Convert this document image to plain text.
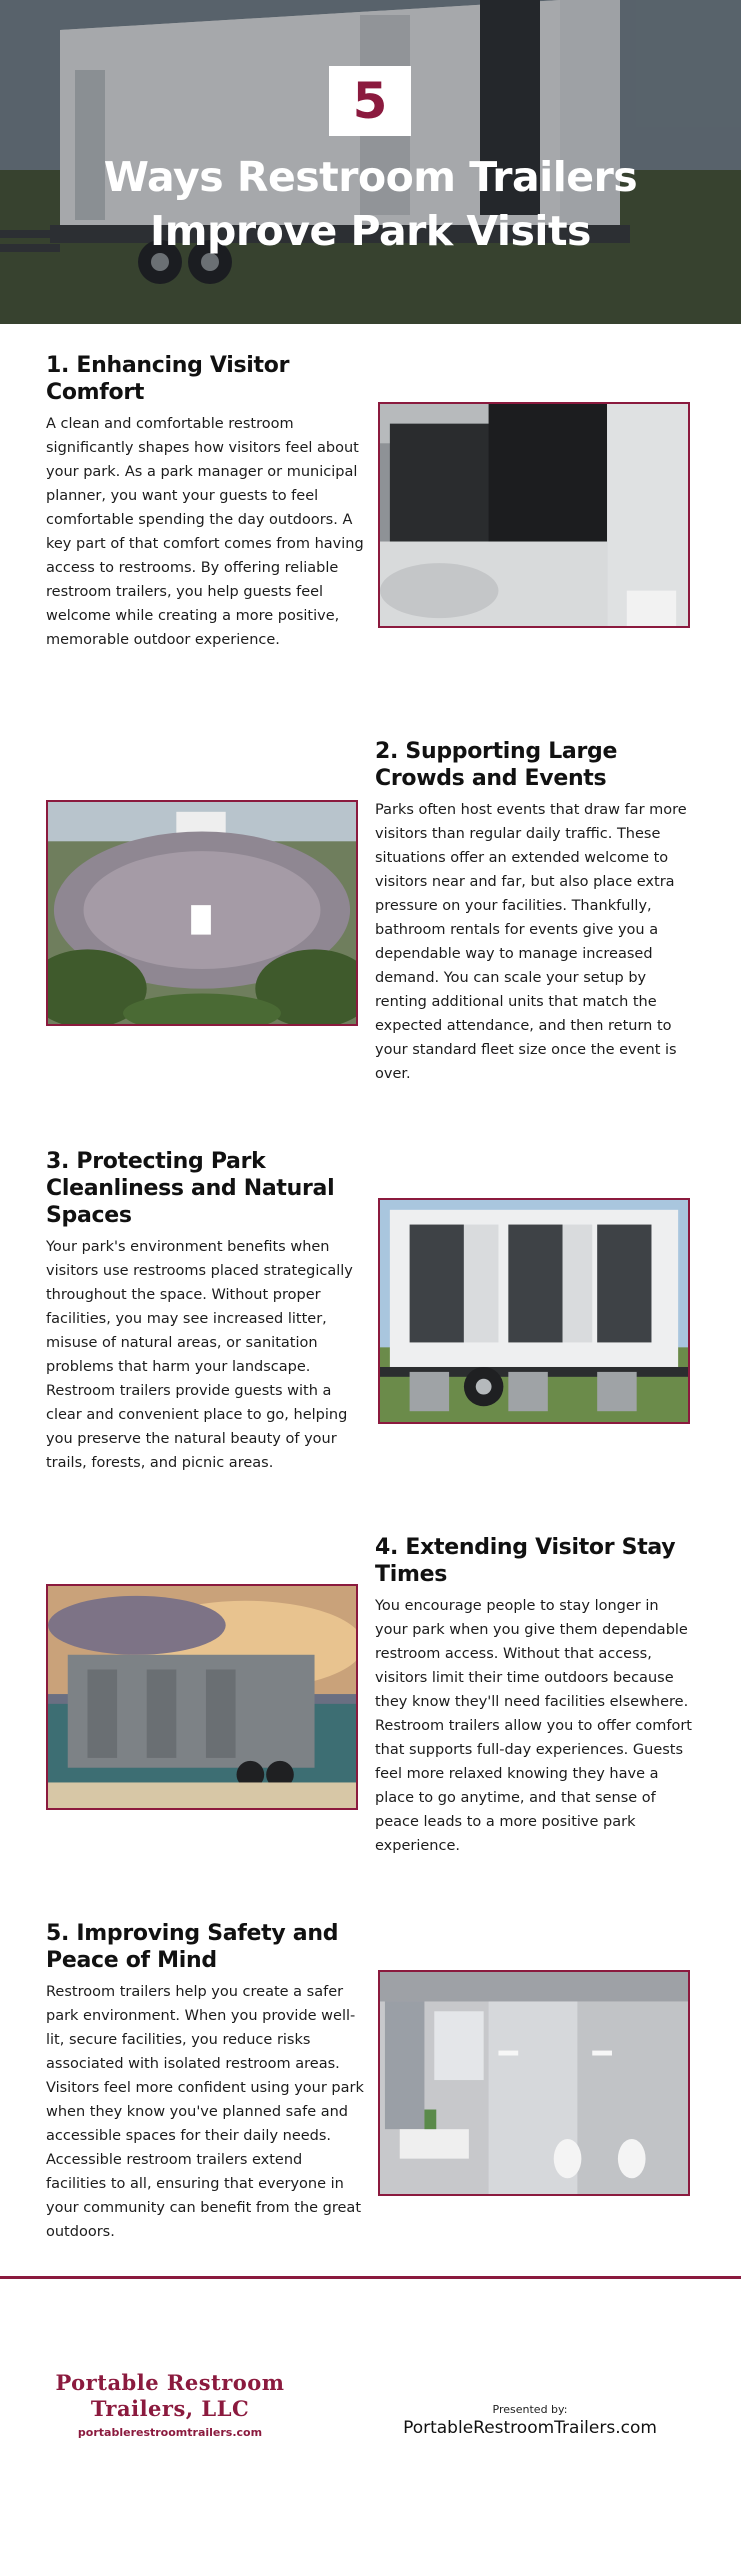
5
Ways Restroom Trailers Improve Park Visits
1. Enhancing Visitor Comfort
A clean and comfortable restroom significantly shapes how visitors feel about your park. As a park manager or municipal planner, you want your guests to feel comfortable spending the day outdoors. A key part of that comfort comes from having access to restrooms. By offering reliable restroom trailers, you help guests feel welcome while creating a more positive, memorable outdoor experience.
2. Supporting Large Crowds and Events
Parks often host events that draw far more visitors than regular daily traffic. These situations offer an extended welcome to visitors near and far, but also place extra pressure on your facilities. Thankfully, bathroom rentals for events give you a dependable way to manage increased demand. You can scale your setup by renting additional units that match the expected attendance, and then return to your standard fleet size once the event is over.
3. Protecting Park Cleanliness and Natural Spaces
Your park's environment benefits when visitors use restrooms placed strategically throughout the space. Without proper facilities, you may see increased litter, misuse of natural areas, or sanitation problems that harm your landscape. Restroom trailers provide guests with a clear and convenient place to go, helping you preserve the natural beauty of your trails, forests, and picnic areas.
4. Extending Visitor Stay Times
You encourage people to stay longer in your park when you give them dependable restroom access. Without that access, visitors limit their time outdoors because they know they'll need facilities elsewhere. Restroom trailers allow you to offer comfort that supports full-day experiences. Guests feel more relaxed knowing they have a place to go anytime, and that sense of peace leads to a more positive park experience.
5. Improving Safety and Peace of Mind
Restroom trailers help you create a safer park environment. When you provide well-lit, secure facilities, you reduce risks associated with isolated restroom areas. Visitors feel more confident using your park when they know you've planned safe and accessible spaces for their daily needs. Accessible restroom trailers extend facilities to all, ensuring that everyone in your community can benefit from the great outdoors.
Portable Restroom
Trailers, LLC
portablerestroomtrailers.com
Presented by:
PortableRestroomTrailers.com
